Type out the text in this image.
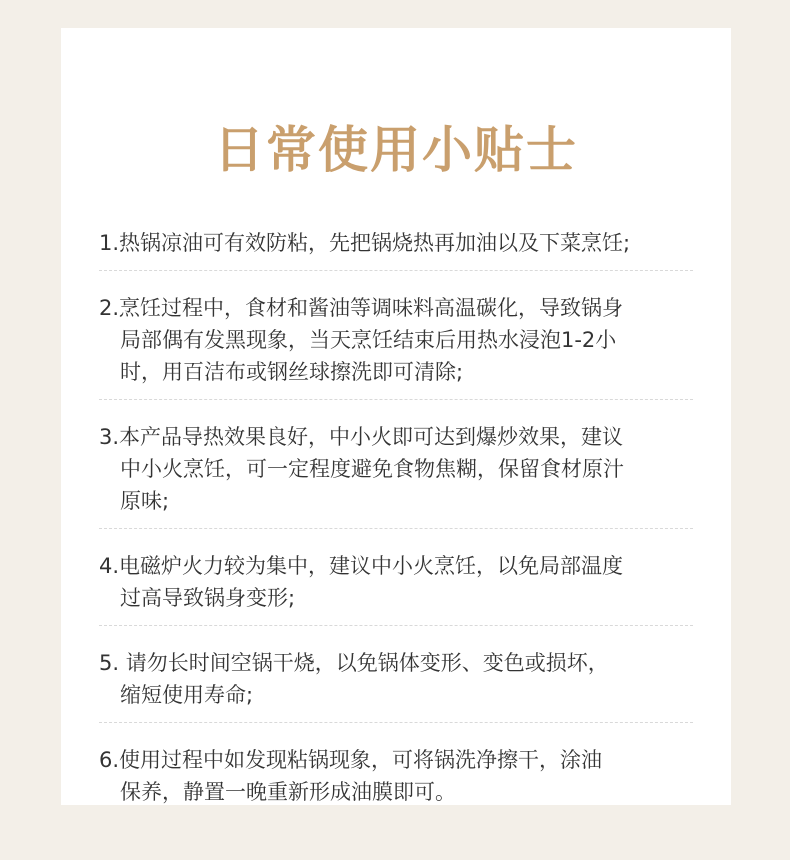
日常使用小贴士
1.热锅凉油可有效防粘，先把锅烧热再加油以及下菜烹饪;
2.烹饪过程中，食材和酱油等调味料高温碳化，导致锅身
局部偶有发黑现象，当天烹饪结束后用热水浸泡1-2小
时，用百洁布或钢丝球擦洗即可清除;
3.本产品导热效果良好，中小火即可达到爆炒效果，建议
中小火烹饪，可一定程度避免食物焦糊，保留食材原汁
原味;
4.电磁炉火力较为集中，建议中小火烹饪，以免局部温度
过高导致锅身变形;
5. 请勿长时间空锅干烧，以免锅体变形、变色或损坏，
缩短使用寿命;
6.使用过程中如发现粘锅现象，可将锅洗净擦干，涂油
保养，静置一晚重新形成油膜即可。
